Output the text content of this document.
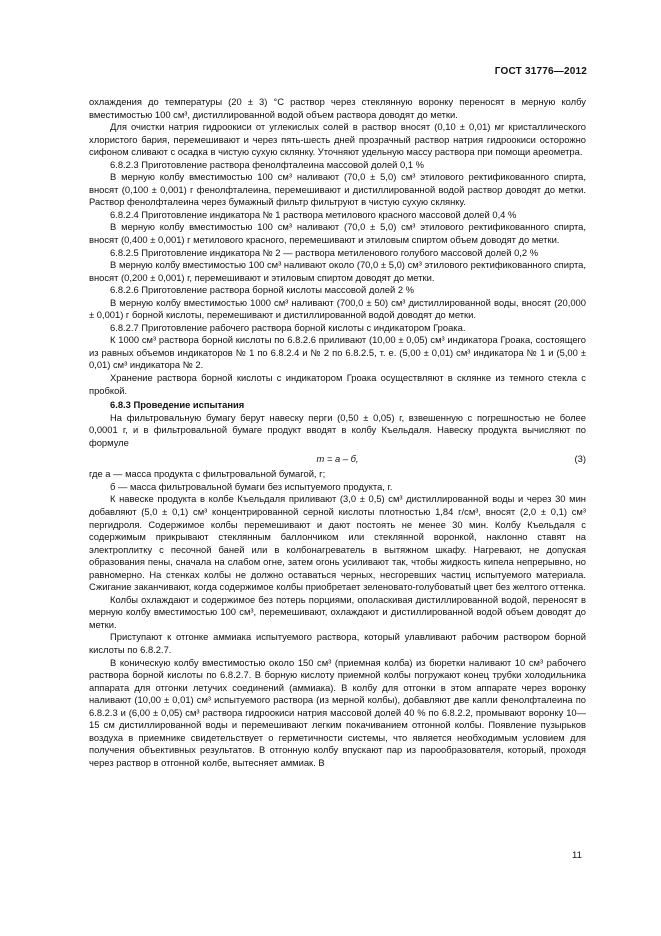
ГОСТ 31776—2012

охлаждения до температуры (20 ± 3) °С раствор через стеклянную воронку переносят в мерную колбу вместимостью 100 см³, дистиллированной водой объем раствора доводят до метки.

Для очистки натрия гидроокиси от углекислых солей в раствор вносят (0,10 ± 0,01) мг кристаллического хлористого бария, перемешивают и через пять-шесть дней прозрачный раствор натрия гидроокиси осторожно сифоном сливают с осадка в чистую сухую склянку. Уточняют удельную массу раствора при помощи ареометра.

6.8.2.3 Приготовление раствора фенолфталеина массовой долей 0,1 %

В мерную колбу вместимостью 100 см³ наливают (70,0 ± 5,0) см³ этилового ректификованного спирта, вносят (0,100 ± 0,001) г фенолфталеина, перемешивают и дистиллированной водой раствор доводят до метки. Раствор фенолфталеина через бумажный фильтр фильтруют в чистую сухую склянку.

6.8.2.4 Приготовление индикатора № 1 раствора метилового красного массовой долей 0,4 %

В мерную колбу вместимостью 100 см³ наливают (70,0 ± 5,0) см³ этилового ректификованного спирта, вносят (0,400 ± 0,001) г метилового красного, перемешивают и этиловым спиртом объем доводят до метки.

6.8.2.5 Приготовление индикатора № 2 — раствора метиленового голубого массовой долей 0,2 %

В мерную колбу вместимостью 100 см³ наливают около (70,0 ± 5,0) см³ этилового ректификованного спирта, вносят (0,200 ± 0,001) г, перемешивают и этиловым спиртом доводят до метки.

6.8.2.6 Приготовление раствора борной кислоты массовой долей 2 %

В мерную колбу вместимостью 1000 см³ наливают (700,0 ± 50) см³ дистиллированной воды, вносят (20,000 ± 0,001) г борной кислоты, перемешивают и дистиллированной водой доводят до метки.

6.8.2.7 Приготовление рабочего раствора борной кислоты с индикатором Гроака.

К 1000 см³ раствора борной кислоты по 6.8.2.6 приливают (10,00 ± 0,05) см³ индикатора Гроака, состоящего из равных объемов индикаторов № 1 по 6.8.2.4 и № 2 по 6.8.2.5, т. е. (5,00 ± 0,01) см³ индикатора № 1 и (5,00 ± 0,01) см³ индикатора № 2.

Хранение раствора борной кислоты с индикатором Гроака осуществляют в склянке из темного стекла с пробкой.

6.8.3 Проведение испытания

На фильтровальную бумагу берут навеску перги (0,50 ± 0,05) г, взвешенную с погрешностью не более 0,0001 г, и в фильтровальной бумаге продукт вводят в колбу Къельдаля. Навеску продукта вычисляют по формуле

m = a – б,	(3)

где а — масса продукта с фильтровальной бумагой, г;

б — масса фильтровальной бумаги без испытуемого продукта, г.

К навеске продукта в колбе Къельдаля приливают (3,0 ± 0,5) см³ дистиллированной воды и через 30 мин добавляют (5,0 ± 0,1) см³ концентрированной серной кислоты плотностью 1,84 г/см³, вносят (2,0 ± 0,1) см³ пергидроля. Содержимое колбы перемешивают и дают постоять не менее 30 мин. Колбу Къельдаля с содержимым прикрывают стеклянным баллончиком или стеклянной воронкой, наклонно ставят на электроплитку с песочной баней или в колбонагреватель в вытяжном шкафу. Нагревают, не допуская образования пены, сначала на слабом огне, затем огонь усиливают так, чтобы жидкость кипела непрерывно, но равномерно. На стенках колбы не должно оставаться черных, несгоревших частиц испытуемого материала. Сжигание заканчивают, когда содержимое колбы приобретает зеленовато-голубоватый цвет без желтого оттенка.

Колбы охлаждают и содержимое без потерь порциями, ополаскивая дистиллированной водой, переносят в мерную колбу вместимостью 100 см³, перемешивают, охлаждают и дистиллированной водой объем доводят до метки.

Приступают к отгонке аммиака испытуемого раствора, который улавливают рабочим раствором борной кислоты по 6.8.2.7.

В коническую колбу вместимостью около 150 см³ (приемная колба) из бюретки наливают 10 см³ рабочего раствора борной кислоты по 6.8.2.7. В борную кислоту приемной колбы погружают конец трубки холодильника аппарата для отгонки летучих соединений (аммиака). В колбу для отгонки в этом аппарате через воронку наливают (10,00 ± 0,01) см³ испытуемого раствора (из мерной колбы), добавляют две капли фенолфталеина по 6.8.2.3 и (6,00 ± 0,05) см³ раствора гидроокиси натрия массовой долей 40 % по 6.8.2.2, промывают воронку 10—15 см дистиллированной воды и перемешивают легким покачиванием отгонной колбы. Появление пузырьков воздуха в приемнике свидетельствует о герметичности системы, что является необходимым условием для получения объективных результатов. В отгонную колбу впускают пар из парообразователя, который, проходя через раствор в отгонной колбе, вытесняет аммиак. В

11
